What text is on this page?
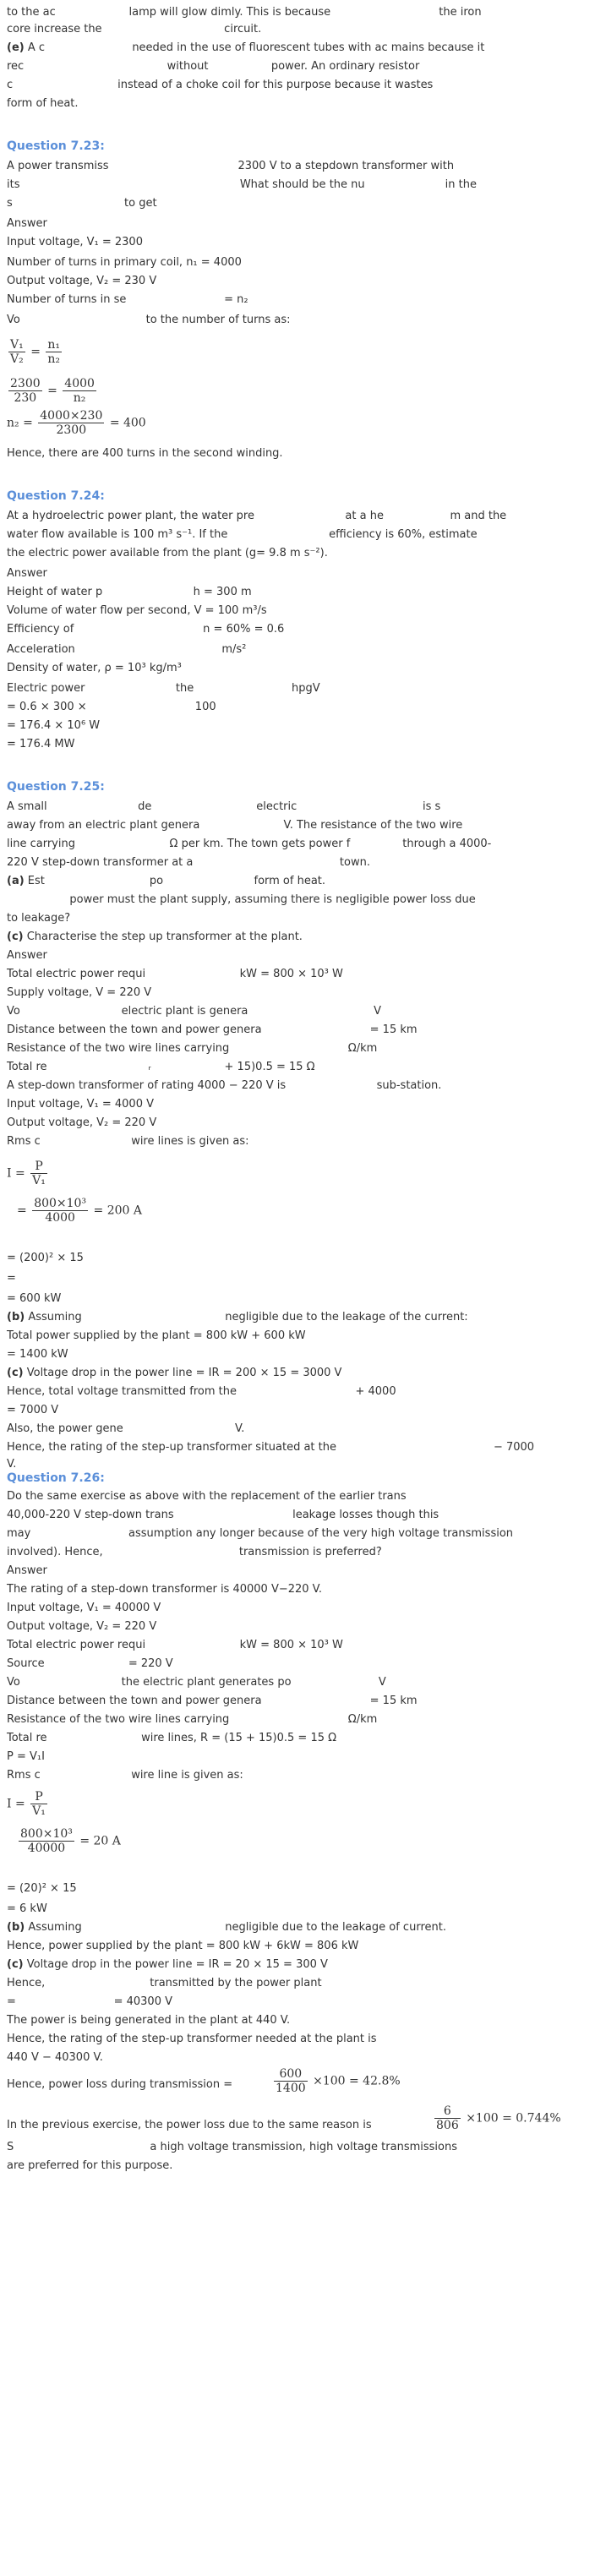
to the ac                     lamp will glow dimly. This is because                               the iron
core increase the                                   circuit.
(e) A c                         needed in the use of fluorescent tubes with ac mains because it
rec                                         without                  power. An ordinary resistor
c                              instead of a choke coil for this purpose because it wastes
form of heat.
Question 7.23:
A power transmiss                                     2300 V to a stepdown transformer with
its                                                               What should be the nu                       in the
s                                to get
Answer
Input voltage, V₁ = 2300
Number of turns in primary coil, n₁ = 4000
Output voltage, V₂ = 230 V
Number of turns in se                            = n₂
Vo                                    to the number of turns as:
Hence, there are 400 turns in the second winding.
Question 7.24:
At a hydroelectric power plant, the water pre                          at a he                   m and the
water flow available is 100 m³ s⁻¹. If the                             efficiency is 60%, estimate
the electric power available from the plant (g= 9.8 m s⁻²).
Answer
Height of water p                          h = 300 m
Volume of water flow per second, V = 100 m³/s
Efficiency of                                     n = 60% = 0.6
Acceleration                                          m/s²
Density of water, ρ = 10³ kg/m³
Electric power                          the                            hpgV
= 0.6 × 300 ×                               100
= 176.4 × 10⁶ W
= 176.4 MW
Question 7.25:
A small                          de                              electric                                    is s
away from an electric plant genera                        V. The resistance of the two wire
line carrying                           Ω per km. The town gets power f               through a 4000-
220 V step-down transformer at a                                          town.
(a) Est                              po                          form of heat.
power must the plant supply, assuming there is negligible power loss due
to leakage?
(c) Characterise the step up transformer at the plant.
Answer
Total electric power requi                           kW = 800 × 10³ W
Supply voltage, V = 220 V
Vo                             electric plant is genera                                    V
Distance between the town and power genera                               = 15 km
Resistance of the two wire lines carrying                                  Ω/km
Total re                             ᵣ                     + 15)0.5 = 15 Ω
A step-down transformer of rating 4000 − 220 V is                          sub-station.
Input voltage, V₁ = 4000 V
Output voltage, V₂ = 220 V
Rms c                          wire lines is given as:
= (200)² × 15
=
= 600 kW
(b) Assuming                                         negligible due to the leakage of the current:
Total power supplied by the plant = 800 kW + 600 kW
= 1400 kW
(c) Voltage drop in the power line = IR = 200 × 15 = 3000 V
Hence, total voltage transmitted from the                                  + 4000
= 7000 V
Also, the power gene                                V.
Hence, the rating of the step-up transformer situated at the                                             − 7000
V.
Question 7.26:
Do the same exercise as above with the replacement of the earlier trans
40,000-220 V step-down trans                                  leakage losses though this
may                            assumption any longer because of the very high voltage transmission
involved). Hence,                                       transmission is preferred?
Answer
The rating of a step-down transformer is 40000 V−220 V.
Input voltage, V₁ = 40000 V
Output voltage, V₂ = 220 V
Total electric power requi                           kW = 800 × 10³ W
Source                        = 220 V
Vo                             the electric plant generates po                         V
Distance between the town and power genera                               = 15 km
Resistance of the two wire lines carrying                                  Ω/km
Total re                           wire lines, R = (15 + 15)0.5 = 15 Ω
P = V₁I
Rms c                          wire line is given as:
= (20)² × 15
= 6 kW
(b) Assuming                                         negligible due to the leakage of current.
Hence, power supplied by the plant = 800 kW + 6kW = 806 kW
(c) Voltage drop in the power line = IR = 20 × 15 = 300 V
Hence,                              transmitted by the power plant
=                            = 40300 V
The power is being generated in the plant at 440 V.
Hence, the rating of the step-up transformer needed at the plant is
440 V − 40300 V.
Hence, power loss during transmission =
In the previous exercise, the power loss due to the same reason is
S                                       a high voltage transmission, high voltage transmissions
are preferred for this purpose.
$\frac{\text{V₁}}{\text{V₂}} = \frac{\text{n₁}}{\text{n₂}}$
$\frac{2300}{230} = \frac{4000}{\text{n₂}}$
$n_2 = \frac{4000\times 230}{2300} = 400$
$I = \frac{P}{\text{V₁}}$
= $\frac{\text{800×10³}}{4000} = 200$ A
$I = \frac{P}{\text{V₁}}$
$\frac{\text{800×10³}}{40000} = 20$ A
$\frac{600}{1400} \times 100 = 42.8\%$
$\frac{6}{806} \times 100 = 0.744\%$
